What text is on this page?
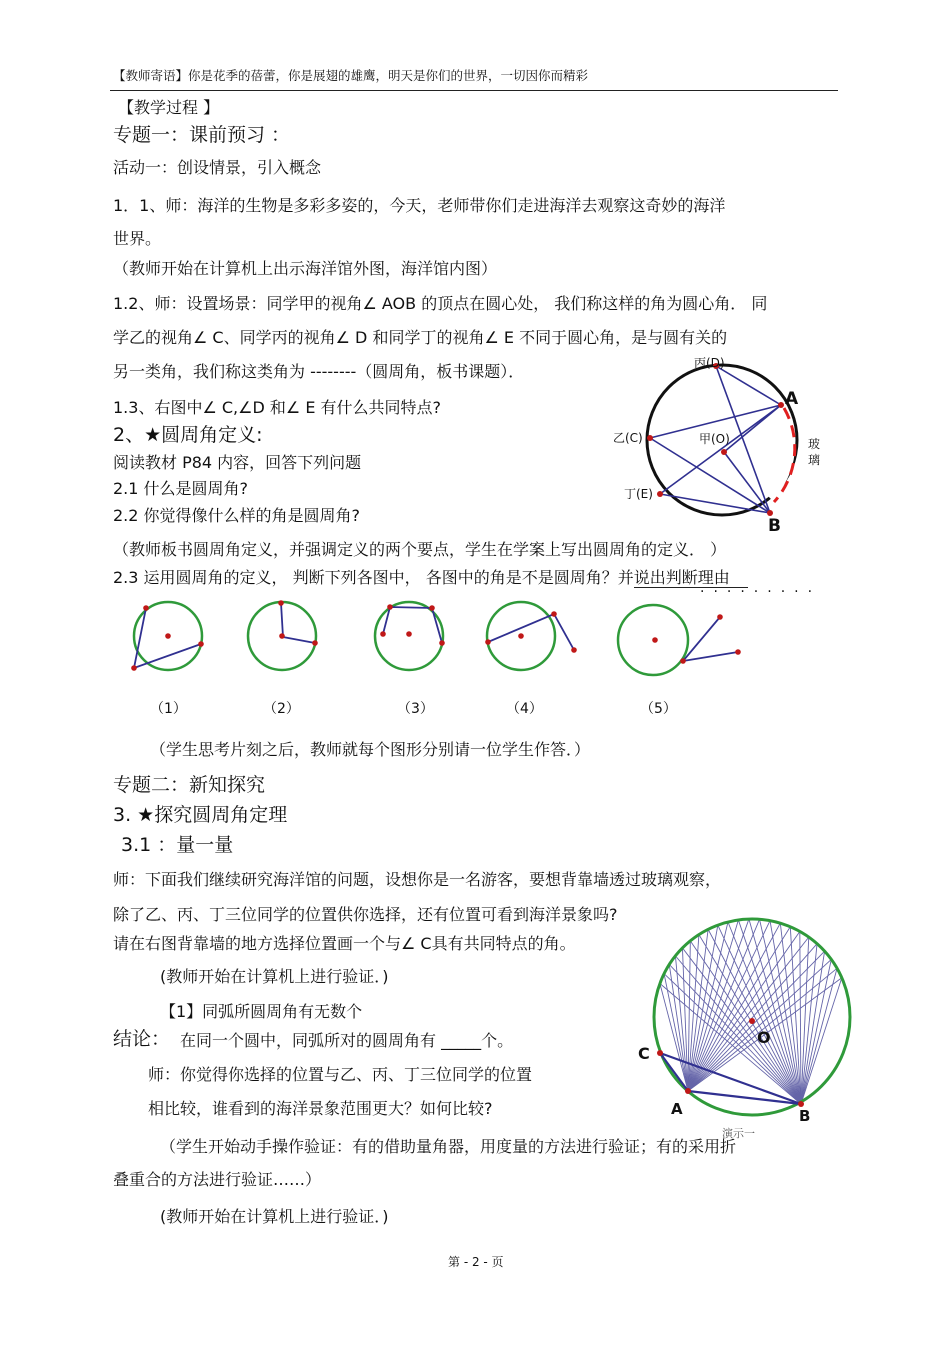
【教师寄语】你是花季的蓓蕾，你是展翅的雄鹰，明天是你们的世界，一切因你而精彩
【教学过程 】
专题一：课前预习 ：
活动一：创设情景，引入概念
1．1、师：海洋的生物是多彩多姿的，今天，老师带你们走进海洋去观察这奇妙的海洋
世界。
（教师开始在计算机上出示海洋馆外图，海洋馆内图）
1.2、师：设置场景：同学甲的视角∠ AOB 的顶点在圆心处， 我们称这样的角为圆心角． 同
学乙的视角∠ C、同学丙的视角∠ D 和同学丁的视角∠ E 不同于圆心角，是与圆有关的
另一类角，我们称这类角为 --------（圆周角，板书课题）．
1.3、右图中∠ C,∠D 和∠ E 有什么共同特点?
2、★圆周角定义:
阅读教材 P84 内容，回答下列问题
2.1 什么是圆周角?
2.2 你觉得像什么样的角是圆周角?
（教师板书圆周角定义，并强调定义的两个要点，学生在学案上写出圆周角的定义． ）
2.3 运用圆周角的定义， 判断下列各图中， 各图中的角是不是圆周角？并说出判断理由
·········
丙(D)
A
乙(C)	甲(O)
丁(E)
B
玻璃
（1）	（2）	（3）	（4）	（5）
（学生思考片刻之后，教师就每个图形分别请一位学生作答．）
专题二：新知探究
3. ★探究圆周角定理
3.1 ：量一量
师：下面我们继续研究海洋馆的问题，设想你是一名游客，要想背靠墙透过玻璃观察，
除了乙、丙、丁三位同学的位置供你选择，还有位置可看到海洋景象吗?
请在右图背靠墙的地方选择位置画一个与∠ C具有共同特点的角。
(教师开始在计算机上进行验证．)
【1】同弧所圆周角有无数个
结论： 在同一个圆中，同弧所对的圆周角有 _____个。
师：你觉得你选择的位置与乙、丙、丁三位同学的位置
相比较，谁看到的海洋景象范围更大？如何比较?
（学生开始动手操作验证：有的借助量角器，用度量的方法进行验证；有的采用折
叠重合的方法进行验证……）
(教师开始在计算机上进行验证．)
O
C
A	B
演示一
第 - 2 - 页
